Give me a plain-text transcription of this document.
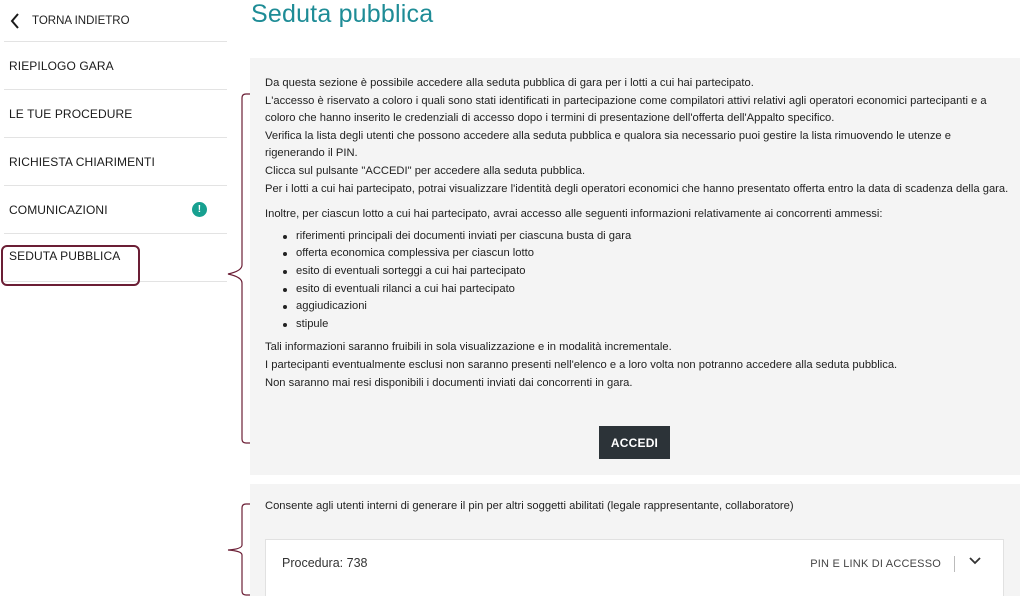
TORNA INDIETRO
RIEPILOGO GARA
LE TUE PROCEDURE
RICHIESTA CHIARIMENTI
COMUNICAZIONI	!
SEDUTA PUBBLICA
Seduta pubblica

Da questa sezione è possibile accedere alla seduta pubblica di gara per i lotti a cui hai partecipato.

L'accesso è riservato a coloro i quali sono stati identificati in partecipazione come compilatori attivi relativi agli operatori economici partecipanti e a coloro che hanno inserito le credenziali di accesso dopo i termini di presentazione dell'offerta dell'Appalto specifico.

Verifica la lista degli utenti che possono accedere alla seduta pubblica e qualora sia necessario puoi gestire la lista rimuovendo le utenze e rigenerando il PIN.

Clicca sul pulsante "ACCEDI" per accedere alla seduta pubblica.

Per i lotti a cui hai partecipato, potrai visualizzare l'identità degli operatori economici che hanno presentato offerta entro la data di scadenza della gara.

Inoltre, per ciascun lotto a cui hai partecipato, avrai accesso alle seguenti informazioni relativamente ai concorrenti ammessi:

riferimenti principali dei documenti inviati per ciascuna busta di gara
offerta economica complessiva per ciascun lotto
esito di eventuali sorteggi a cui hai partecipato
esito di eventuali rilanci a cui hai partecipato
aggiudicazioni
stipule

Tali informazioni saranno fruibili in sola visualizzazione e in modalità incrementale.

I partecipanti eventualmente esclusi non saranno presenti nell'elenco e a loro volta non potranno accedere alla seduta pubblica.

Non saranno mai resi disponibili i documenti inviati dai concorrenti in gara.

ACCEDI

Consente agli utenti interni di generare il pin per altri soggetti abilitati (legale rappresentante, collaboratore)

Procedura: 738	PIN E LINK DI ACCESSO
